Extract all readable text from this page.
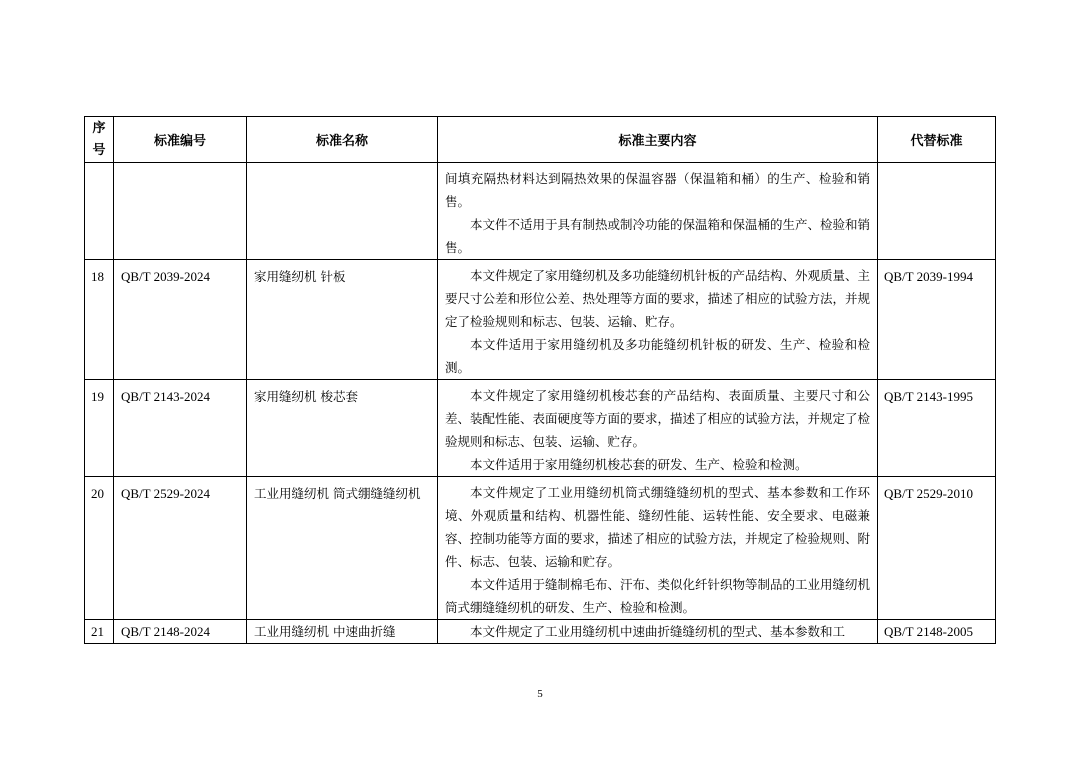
序
号	标准编号	标准名称	标准主要内容	代替标准

			间填充隔热材料达到隔热效果的保温容器（保温箱和桶）的生产、检验和销售。

本文件不适用于具有制热或制冷功能的保温箱和保温桶的生产、检验和销售。	

18	QB/T 2039-2024	家用缝纫机 针板	本文件规定了家用缝纫机及多功能缝纫机针板的产品结构、外观质量、主要尺寸公差和形位公差、热处理等方面的要求，描述了相应的试验方法，并规定了检验规则和标志、包装、运输、贮存。

本文件适用于家用缝纫机及多功能缝纫机针板的研发、生产、检验和检测。	QB/T 2039-1994

19	QB/T 2143-2024	家用缝纫机 梭芯套	本文件规定了家用缝纫机梭芯套的产品结构、表面质量、主要尺寸和公差、装配性能、表面硬度等方面的要求，描述了相应的试验方法，并规定了检验规则和标志、包装、运输、贮存。

本文件适用于家用缝纫机梭芯套的研发、生产、检验和检测。	QB/T 2143-1995

20	QB/T 2529-2024	工业用缝纫机 筒式绷缝缝纫机	本文件规定了工业用缝纫机筒式绷缝缝纫机的型式、基本参数和工作环境、外观质量和结构、机器性能、缝纫性能、运转性能、安全要求、电磁兼容、控制功能等方面的要求，描述了相应的试验方法，并规定了检验规则、附件、标志、包装、运输和贮存。

本文件适用于缝制棉毛布、汗布、类似化纤针织物等制品的工业用缝纫机筒式绷缝缝纫机的研发、生产、检验和检测。	QB/T 2529-2010

21	QB/T 2148-2024	工业用缝纫机 中速曲折缝	本文件规定了工业用缝纫机中速曲折缝缝纫机的型式、基本参数和工	QB/T 2148-2005
5
